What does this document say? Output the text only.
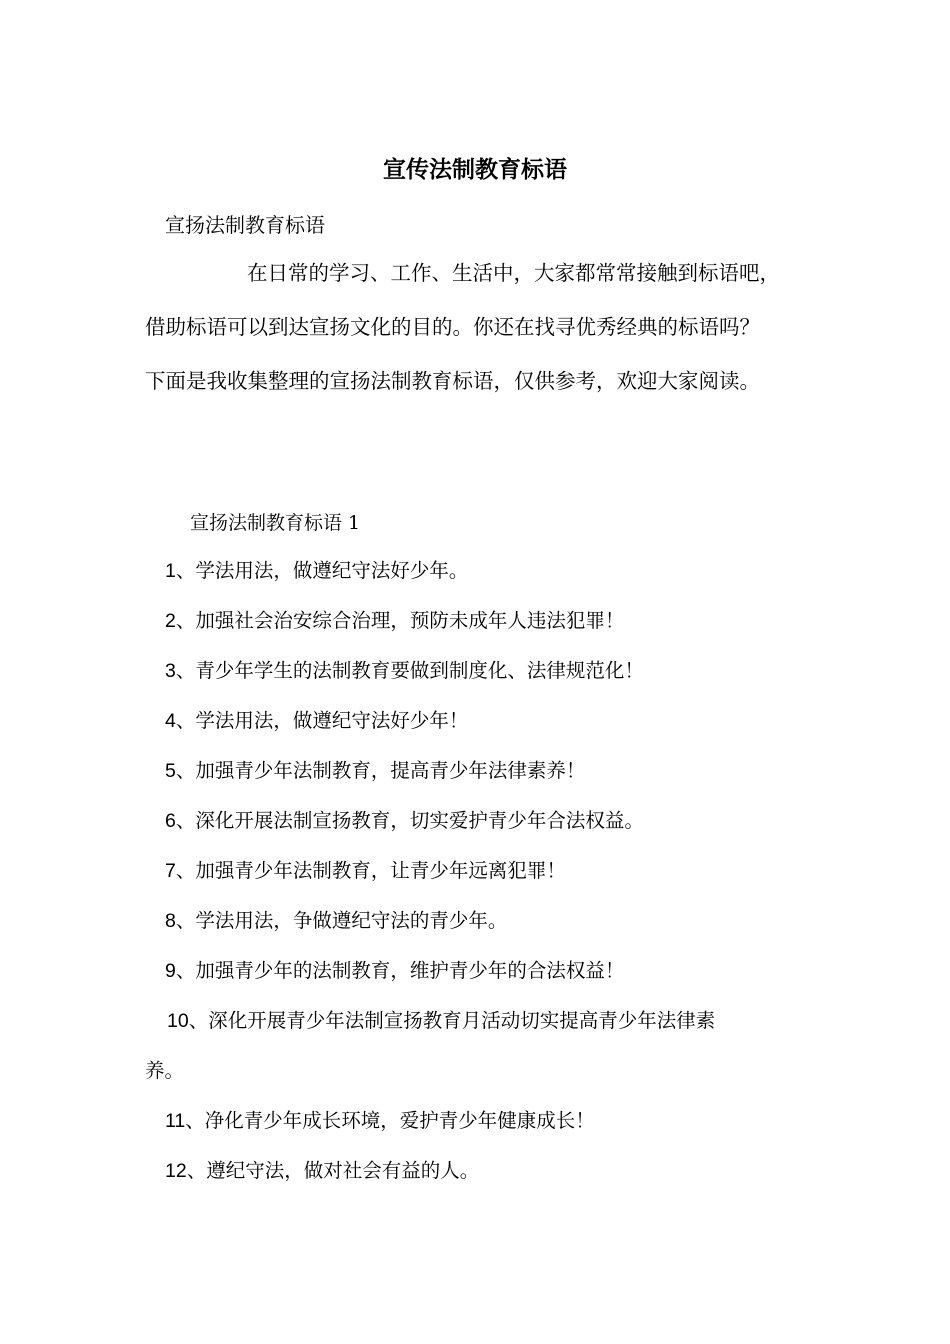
宣传法制教育标语
宣扬法制教育标语
在日常的学习、工作、生活中，大家都常常接触到标语吧，
借助标语可以到达宣扬文化的目的。你还在找寻优秀经典的标语吗？
下面是我收集整理的宣扬法制教育标语，仅供参考，欢迎大家阅读。
宣扬法制教育标语 1
1、学法用法，做遵纪守法好少年。
2、加强社会治安综合治理，预防未成年人违法犯罪！
3、青少年学生的法制教育要做到制度化、法律规范化！
4、学法用法，做遵纪守法好少年！
5、加强青少年法制教育，提高青少年法律素养！
6、深化开展法制宣扬教育，切实爱护青少年合法权益。
7、加强青少年法制教育，让青少年远离犯罪！
8、学法用法，争做遵纪守法的青少年。
9、加强青少年的法制教育，维护青少年的合法权益！
10、深化开展青少年法制宣扬教育月活动切实提高青少年法律素
养。
11、净化青少年成长环境，爱护青少年健康成长！
12、遵纪守法，做对社会有益的人。
